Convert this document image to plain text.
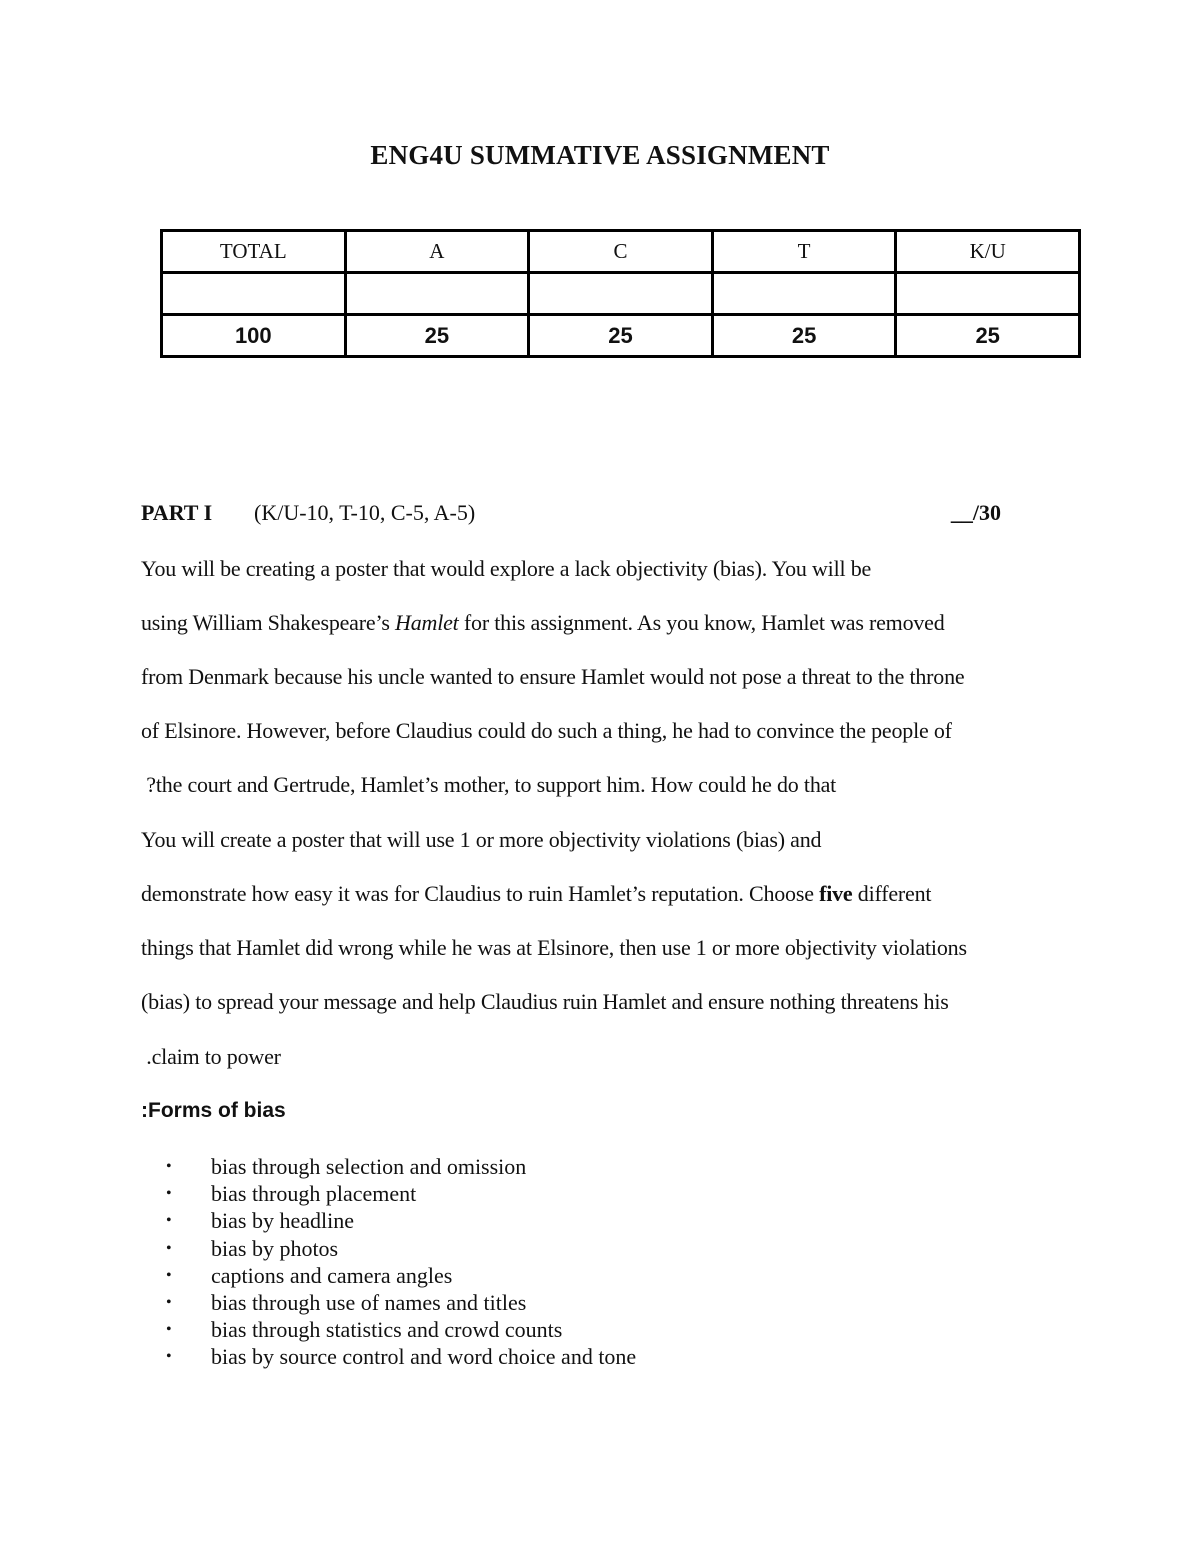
ENG4U SUMMATIVE ASSIGNMENT
TOTAL	A	C	T	K/U

100	25	25	25	25
PART I (K/U-10, T-10, C-5, A-5)	__/30
You will be creating a poster that would explore a lack objectivity (bias). You will be
using William Shakespeare’s Hamlet for this assignment. As you know, Hamlet was removed
from Denmark because his uncle wanted to ensure Hamlet would not pose a threat to the throne
of Elsinore. However, before Claudius could do such a thing, he had to convince the people of
?the court and Gertrude, Hamlet’s mother, to support him. How could he do that
You will create a poster that will use 1 or more objectivity violations (bias) and
demonstrate how easy it was for Claudius to ruin Hamlet’s reputation. Choose five different
things that Hamlet did wrong while he was at Elsinore, then use 1 or more objectivity violations
(bias) to spread your message and help Claudius ruin Hamlet and ensure nothing threatens his
.claim to power
:Forms of bias
• bias through selection and omission
• bias through placement
• bias by headline
• bias by photos
• captions and camera angles
• bias through use of names and titles
• bias through statistics and crowd counts
• bias by source control and word choice and tone
